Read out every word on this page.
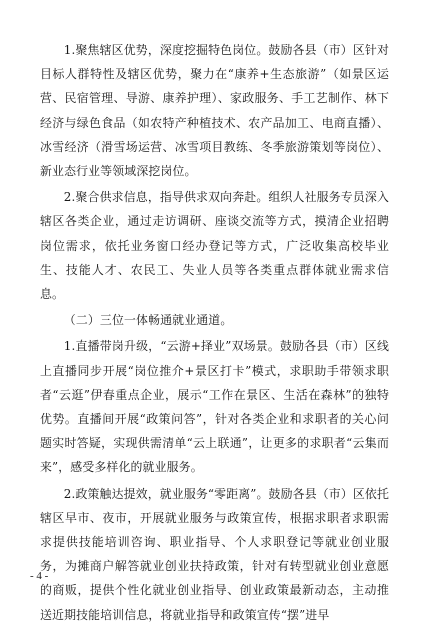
1.聚焦辖区优势，深度挖掘特色岗位。鼓励各县（市）区针对目标人群特性及辖区优势，聚力在“康养+生态旅游”（如景区运营、民宿管理、导游、康养护理）、家政服务、手工艺制作、林下经济与绿色食品（如农特产种植技术、农产品加工、电商直播）、冰雪经济（滑雪场运营、冰雪项目教练、冬季旅游策划等岗位）、新业态行业等领域深挖岗位。

2.聚合供求信息，指导供求双向奔赴。组织人社服务专员深入辖区各类企业，通过走访调研、座谈交流等方式，摸清企业招聘岗位需求，依托业务窗口经办登记等方式，广泛收集高校毕业生、技能人才、农民工、失业人员等各类重点群体就业需求信息。

（二）三位一体畅通就业通道。

1.直播带岗升级，“云游+择业”双场景。鼓励各县（市）区线上直播同步开展“岗位推介+景区打卡”模式，求职助手带领求职者“云逛”伊春重点企业，展示“工作在景区、生活在森林”的独特优势。直播间开展“政策问答”，针对各类企业和求职者的关心问题实时答疑，实现供需清单“云上联通”，让更多的求职者“云集而来”，感受多样化的就业服务。

2.政策触达提效，就业服务“零距离”。鼓励各县（市）区依托辖区早市、夜市，开展就业服务与政策宣传，根据求职者求职需求提供技能培训咨询、职业指导、个人求职登记等就业创业服务，为摊商户解答就业创业扶持政策，针对有转型就业创业意愿的商贩，提供个性化就业创业指导、创业政策最新动态，主动推送近期技能培训信息，将就业指导和政策宣传“摆”进早

- 4 -
